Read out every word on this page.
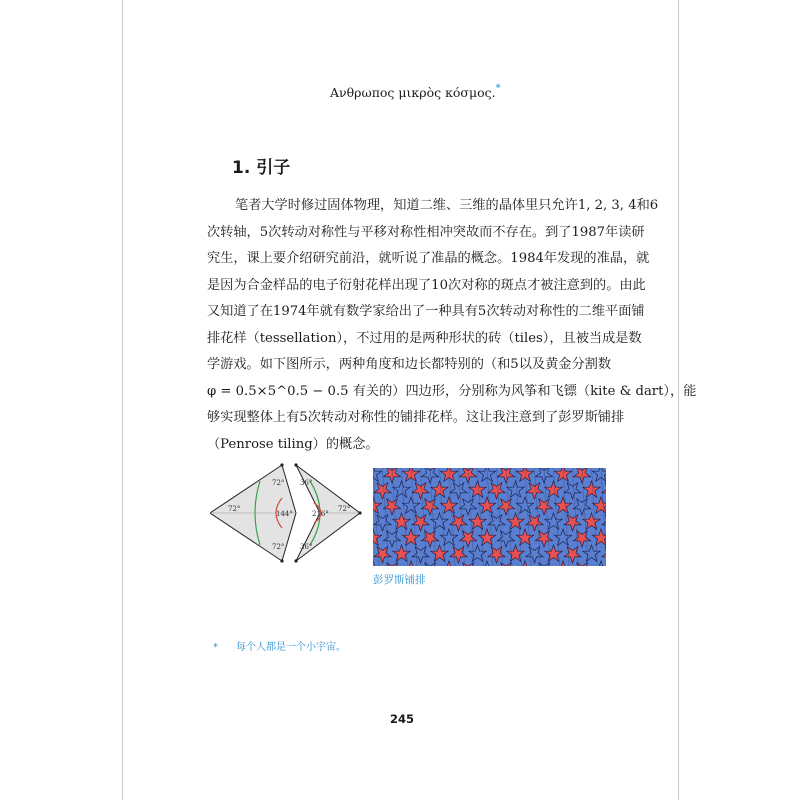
Ανθρωπος μικρὸς κόσμος.*
1. 引子
笔者大学时修过固体物理，知道二维、三维的晶体里只允许1, 2, 3, 4和6
次转轴，5次转动对称性与平移对称性相冲突故而不存在。到了1987年读研
究生，课上要介绍研究前沿，就听说了准晶的概念。1984年发现的准晶，就
是因为合金样品的电子衍射花样出现了10次对称的斑点才被注意到的。由此
又知道了在1974年就有数学家给出了一种具有5次转动对称性的二维平面铺
排花样（tessellation），不过用的是两种形状的砖（tiles），且被当成是数
学游戏。如下图所示，两种角度和边长都特别的（和5以及黄金分割数
φ = 0.5×5^0.5 − 0.5 有关的）四边形，分别称为风筝和飞镖（kite & dart），能
够实现整体上有5次转动对称性的铺排花样。这让我注意到了彭罗斯铺排
（Penrose tiling）的概念。
72°
72°
144°
72°
36°
216°
72°
36°
彭罗斯铺排
* 每个人都是一个小宇宙。
245
